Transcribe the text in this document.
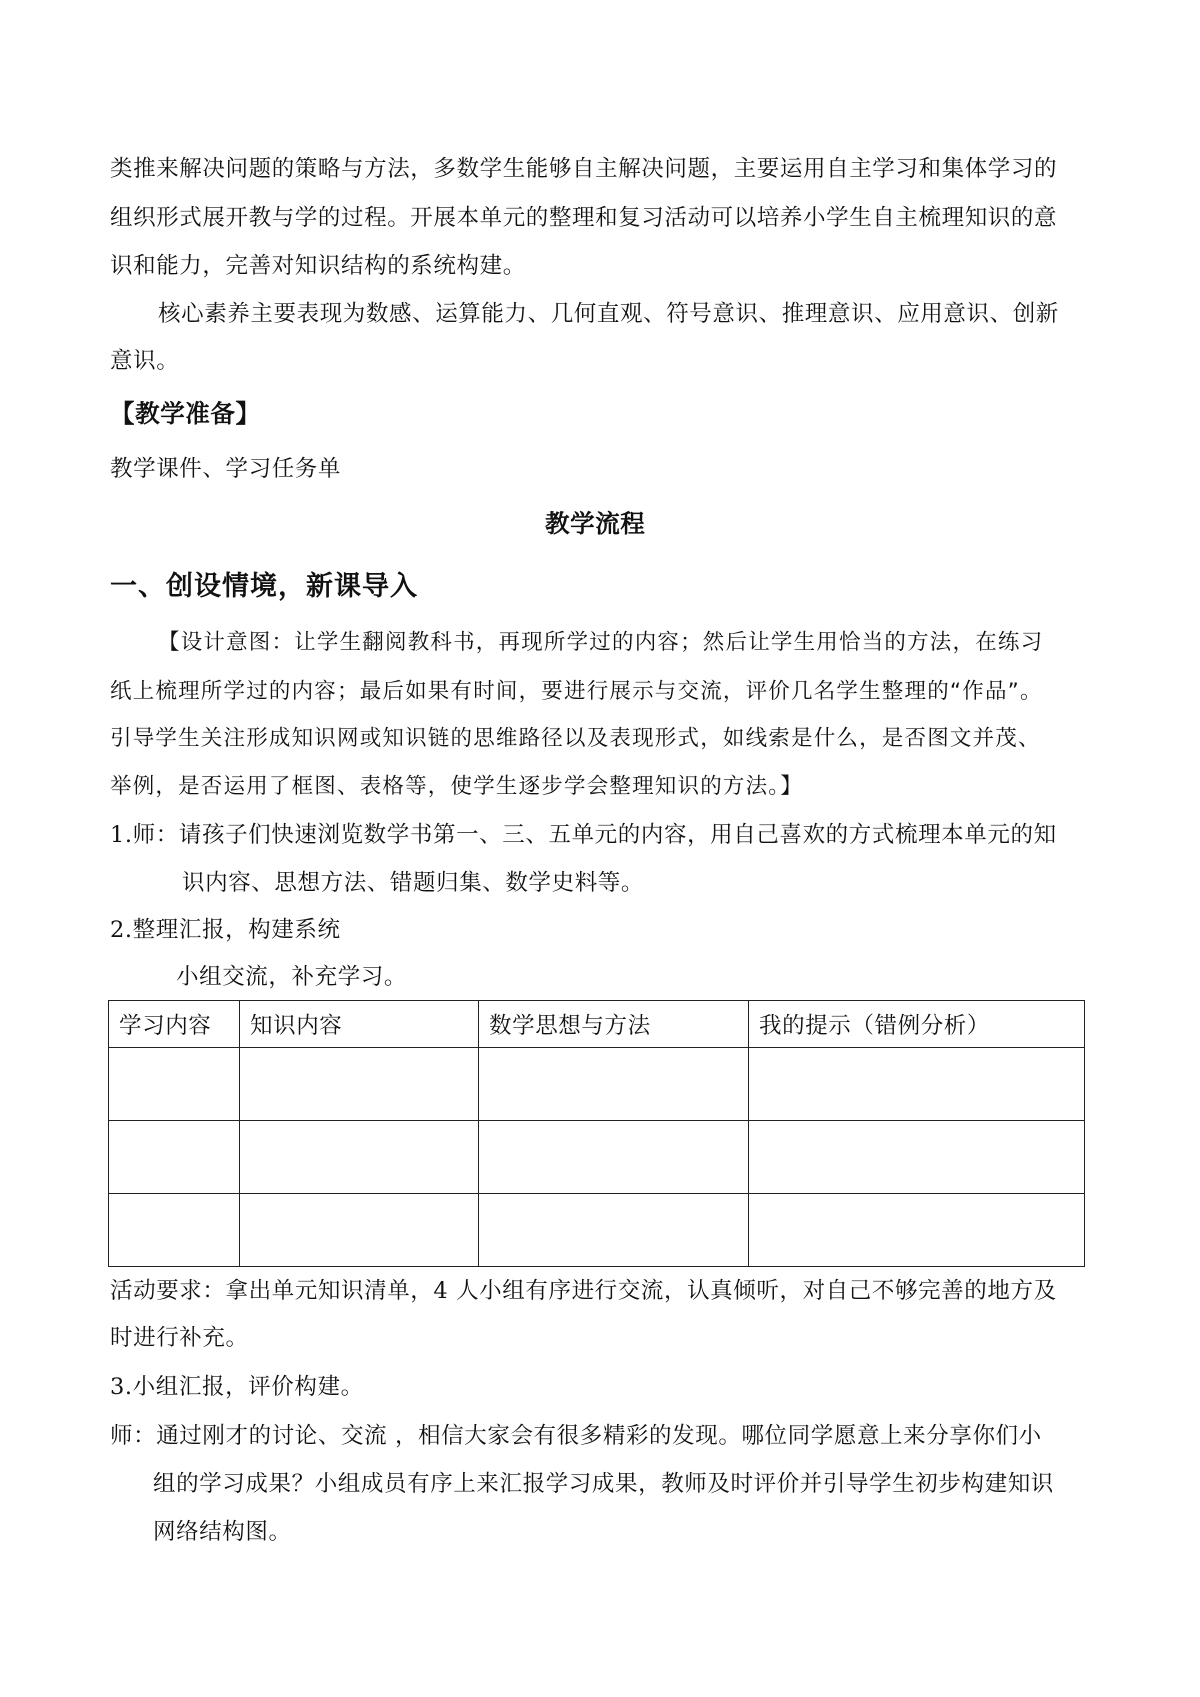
类推来解决问题的策略与方法，多数学生能够自主解决问题，主要运用自主学习和集体学习的
组织形式展开教与学的过程。开展本单元的整理和复习活动可以培养小学生自主梳理知识的意
识和能力，完善对知识结构的系统构建。
核心素养主要表现为数感、运算能力、几何直观、符号意识、推理意识、应用意识、创新
意识。
【教学准备】
教学课件、学习任务单
教学流程
一、创设情境，新课导入
【设计意图：让学生翻阅教科书，再现所学过的内容；然后让学生用恰当的方法，在练习
纸上梳理所学过的内容；最后如果有时间，要进行展示与交流，评价几名学生整理的“作品”。
引导学生关注形成知识网或知识链的思维路径以及表现形式，如线索是什么，是否图文并茂、
举例，是否运用了框图、表格等，使学生逐步学会整理知识的方法。】
1.师：请孩子们快速浏览数学书第一、三、五单元的内容，用自己喜欢的方式梳理本单元的知
识内容、思想方法、错题归集、数学史料等。
2.整理汇报，构建系统
小组交流，补充学习。
学习内容	知识内容	数学思想与方法	我的提示（错例分析）

活动要求：拿出单元知识清单，4 人小组有序进行交流，认真倾听，对自己不够完善的地方及
时进行补充。
3.小组汇报，评价构建。
师：通过刚才的讨论、交流 ，相信大家会有很多精彩的发现。哪位同学愿意上来分享你们小
组的学习成果？小组成员有序上来汇报学习成果，教师及时评价并引导学生初步构建知识
网络结构图。
